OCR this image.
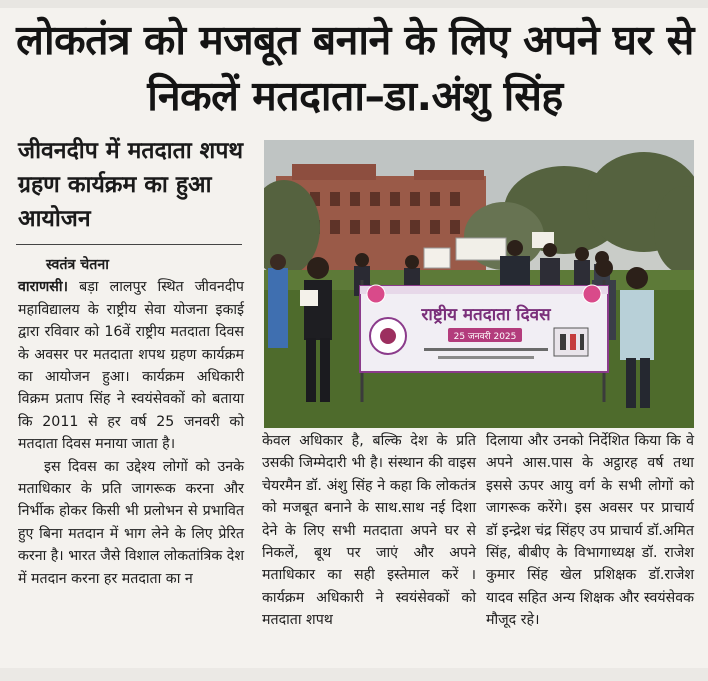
लोकतंत्र को मजबूत बनाने के लिए अपने घर से निकलें मतदाता–डा.अंशु सिंह
जीवनदीप में मतदाता शपथ ग्रहण कार्यक्रम का हुआ आयोजन
स्वतंत्र चेतना

वाराणसी। बड़ा लालपुर स्थित जीवनदीप महाविद्यालय के राष्ट्रीय सेवा योजना इकाई द्वारा रविवार को 16वें राष्ट्रीय मतदाता दिवस के अवसर पर मतदाता शपथ ग्रहण कार्यक्रम का आयोजन हुआ। कार्यक्रम अधिकारी विक्रम प्रताप सिंह ने स्वयंसेवकों को बताया कि 2011 से हर वर्ष 25 जनवरी को मतदाता दिवस मनाया जाता है।

इस दिवस का उद्देश्य लोगों को उनके मताधिकार के प्रति जागरूक करना और निर्भीक होकर किसी भी प्रलोभन से प्रभावित हुए बिना मतदान में भाग लेने के लिए प्रेरित करना है। भारत जैसे विशाल लोकतांत्रिक देश में मतदान करना हर मतदाता का न

राष्ट्रीय मतदाता दिवस
25 जनवरी 2025

केवल अधिकार है, बल्कि देश के प्रति उसकी जिम्मेदारी भी है। संस्थान की वाइस चेयरमैन डॉ. अंशु सिंह ने कहा कि लोकतंत्र को मजबूत बनाने के साथ.साथ नई दिशा देने के लिए सभी मतदाता अपने घर से निकलें, बूथ पर जाएं और अपने मताधिकार का सही इस्तेमाल करें ।कार्यक्रम अधिकारी ने स्वयंसेवकों को मतदाता शपथ

दिलाया और उनको निर्देशित किया कि वे अपने आस.पास के अट्ठारह वर्ष तथा इससे ऊपर आयु वर्ग के सभी लोगों को जागरूक करेंगे। इस अवसर पर प्राचार्य डॉ इन्द्रेश चंद्र सिंहए उप प्राचार्य डॉ.अमित सिंह, बीबीए के विभागाध्यक्ष डॉ. राजेश कुमार सिंह खेल प्रशिक्षक डॉ.राजेश यादव सहित अन्य शिक्षक और स्वयंसेवक मौजूद रहे।
